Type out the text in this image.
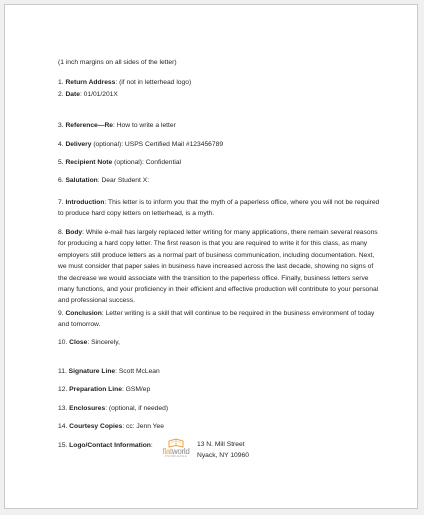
(1 inch margins on all sides of the letter)
1. Return Address: (if not in letterhead logo)
2. Date: 01/01/201X
3. Reference—Re: How to write a letter
4. Delivery (optional): USPS Certified Mail #123456789
5. Recipient Note (optional): Confidential
6. Salutation: Dear Student X:
7. Introduction: This letter is to inform you that the myth of a paperless office, where you will not be required to produce hard copy letters on letterhead, is a myth.
8. Body: While e-mail has largely replaced letter writing for many applications, there remain several reasons for producing a hard copy letter. The first reason is that you are required to write it for this class, as many employers still produce letters as a normal part of business communication, including documentation. Next, we must consider that paper sales in business have increased across the last decade, showing no signs of the decrease we would associate with the transition to the paperless office. Finally, business letters serve many functions, and your proficiency in their efficient and effective production will contribute to your personal and professional success.
9. Conclusion: Letter writing is a skill that will continue to be required in the business environment of today and tomorrow.
10. Close: Sincerely,
11. Signature Line: Scott McLean
12. Preparation Line: GSM/ep
13. Enclosures: (optional, if needed)
14. Courtesy Copies: cc: Jenn Yee
15. Logo/Contact Information:
flatworld
KNOWLEDGE
13 N. Mill Street
Nyack, NY 10960
